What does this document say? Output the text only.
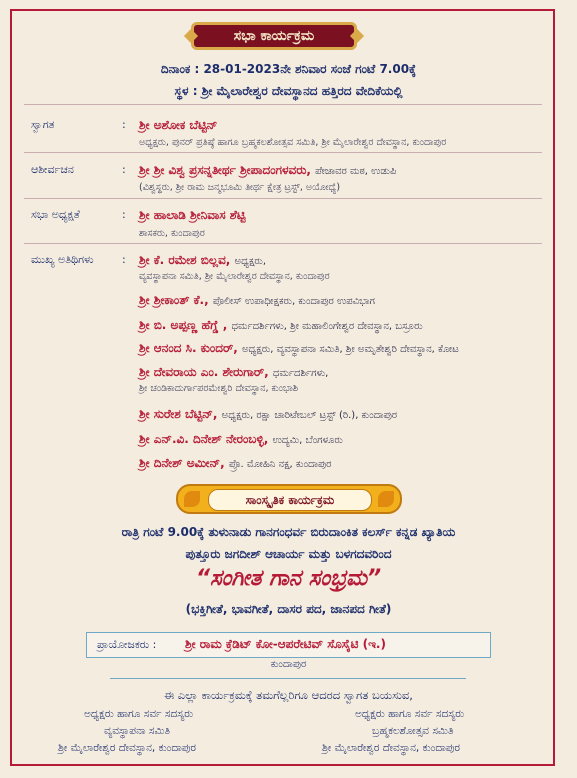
ಸಭಾ ಕಾರ್ಯಕ್ರಮ
ದಿನಾಂಕ : 28-01-2023ನೇ ಶನಿವಾರ ಸಂಜೆ ಗಂಟೆ 7.00ಕ್ಕೆ
ಸ್ಥಳ : ಶ್ರೀ ಮೈಲಾರೇಶ್ವರ ದೇವಸ್ಥಾನದ ಹತ್ತಿರದ ವೇದಿಕೆಯಲ್ಲಿ
ಸ್ವಾಗತ	: ಶ್ರೀ ಅಶೋಕ ಬೆಟ್ಟಿನ್
ಅಧ್ಯಕ್ಷರು, ಪುನರ್ ಪ್ರತಿಷ್ಠೆ ಹಾಗೂ ಬ್ರಹ್ಮಕಲಶೋತ್ಸವ ಸಮಿತಿ, ಶ್ರೀ ಮೈಲಾರೇಶ್ವರ ದೇವಸ್ಥಾನ, ಕುಂದಾಪುರ
ಆಶೀರ್ವಚನ	: ಶ್ರೀ ಶ್ರೀ ವಿಶ್ವ ಪ್ರಸನ್ನತೀರ್ಥ ಶ್ರೀಪಾದಂಗಳವರು, ಪೇಜಾವರ ಮಠ, ಉಡುಪಿ
(ವಿಶ್ವಸ್ಥರು, ಶ್ರೀ ರಾಮ ಜನ್ಮಭೂಮಿ ತೀರ್ಥ ಕ್ಷೇತ್ರ ಟ್ರಸ್ಟ್, ಅಯೋಧ್ಯೆ)
ಸಭಾ ಅಧ್ಯಕ್ಷತೆ	: ಶ್ರೀ ಹಾಲಾಡಿ ಶ್ರೀನಿವಾಸ ಶೆಟ್ಟಿ
ಶಾಸಕರು, ಕುಂದಾಪುರ
ಮುಖ್ಯ ಅತಿಥಿಗಳು	: ಶ್ರೀ ಕೆ. ರಮೇಶ ಬಿಲ್ಲವ, ಅಧ್ಯಕ್ಷರು,
ವ್ಯವಸ್ಥಾಪನಾ ಸಮಿತಿ, ಶ್ರೀ ಮೈಲಾರೇಶ್ವರ ದೇವಸ್ಥಾನ, ಕುಂದಾಪುರ
ಶ್ರೀ ಶ್ರೀಕಾಂತ್ ಕೆ., ಪೊಲೀಸ್ ಉಪಾಧೀಕ್ಷಕರು, ಕುಂದಾಪುರ ಉಪವಿಭಾಗ
ಶ್ರೀ ಬಿ. ಅಪ್ಪಣ್ಣ ಹೆಗ್ಡೆ , ಧರ್ಮದರ್ಶಿಗಳು, ಶ್ರೀ ಮಹಾಲಿಂಗೇಶ್ವರ ದೇವಸ್ಥಾನ, ಬಸ್ರೂರು
ಶ್ರೀ ಆನಂದ ಸಿ. ಕುಂದರ್, ಅಧ್ಯಕ್ಷರು, ವ್ಯವಸ್ಥಾಪನಾ ಸಮಿತಿ, ಶ್ರೀ ಅಮೃತೇಶ್ವರಿ ದೇವಸ್ಥಾನ, ಕೋಟ
ಶ್ರೀ ದೇವರಾಯ ಎಂ. ಶೇರುಗಾರ್, ಧರ್ಮದರ್ಶಿಗಳು,
ಶ್ರೀ ಚಂಡಿಕಾದುರ್ಗಾಪರಮೇಶ್ವರಿ ದೇವಸ್ಥಾನ, ಕುಂಭಾಶಿ
ಶ್ರೀ ಸುರೇಶ ಬೆಟ್ಟಿನ್, ಅಧ್ಯಕ್ಷರು, ರಕ್ಷಾ ಚಾರಿಟೇಬಲ್ ಟ್ರಸ್ಟ್ (ರಿ.), ಕುಂದಾಪುರ
ಶ್ರೀ ಎನ್.ವಿ. ದಿನೇಶ್ ನೇರಂಬಳ್ಳಿ, ಉದ್ಯಮಿ, ಬೆಂಗಳೂರು
ಶ್ರೀ ದಿನೇಶ್ ಅಮೀನ್, ಪ್ರೊ. ಮೋಹಿನಿ ನಕ್ಷ, ಕುಂದಾಪುರ
ಸಾಂಸ್ಕೃತಿಕ ಕಾರ್ಯಕ್ರಮ
ರಾತ್ರಿ ಗಂಟೆ 9.00ಕ್ಕೆ ತುಳುನಾಡು ಗಾನಗಂಧರ್ವ ಬಿರುದಾಂಕಿತ ಕಲರ್ಸ್ ಕನ್ನಡ ಖ್ಯಾತಿಯ
ಪುತ್ತೂರು ಜಗದೀಶ್ ಆಚಾರ್ಯ ಮತ್ತು ಬಳಗದವರಿಂದ
“ಸಂಗೀತ ಗಾನ ಸಂಭ್ರಮ”
(ಭಕ್ತಿಗೀತೆ, ಭಾವಗೀತೆ, ದಾಸರ ಪದ, ಜಾನಪದ ಗೀತೆ)
ಪ್ರಾಯೋಜಕರು : ಶ್ರೀ ರಾಮ ಕ್ರೆಡಿಟ್ ಕೋ-ಆಪರೇಟಿವ್ ಸೊಸೈಟಿ (ಇ.)
ಕುಂದಾಪುರ
ಈ ಎಲ್ಲಾ ಕಾರ್ಯಕ್ರಮಕ್ಕೆ ತಮಗೆಲ್ಲರಿಗೂ ಆದರದ ಸ್ವಾಗತ ಬಯಸುವ,
ಅಧ್ಯಕ್ಷರು ಹಾಗೂ ಸರ್ವ ಸದಸ್ಯರು
ವ್ಯವಸ್ಥಾಪನಾ ಸಮಿತಿ
ಶ್ರೀ ಮೈಲಾರೇಶ್ವರ ದೇವಸ್ಥಾನ, ಕುಂದಾಪುರ
ಅಧ್ಯಕ್ಷರು ಹಾಗೂ ಸರ್ವ ಸದಸ್ಯರು
ಬ್ರಹ್ಮಕಲಶೋತ್ಸವ ಸಮಿತಿ
ಶ್ರೀ ಮೈಲಾರೇಶ್ವರ ದೇವಸ್ಥಾನ, ಕುಂದಾಪುರ
